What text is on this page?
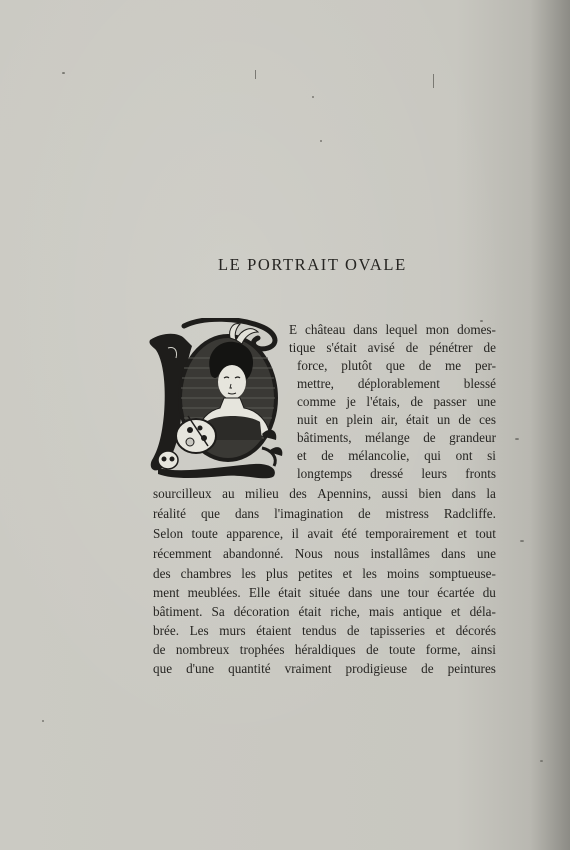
LE PORTRAIT OVALE
E château dans lequel mon domes-
tique s'était avisé de pénétrer de
force, plutôt que de me per-
mettre, déplorablement blessé
comme je l'étais, de passer une
nuit en plein air, était un de ces
bâtiments, mélange de grandeur
et de mélancolie, qui ont si
longtemps dressé leurs fronts
sourcilleux au milieu des Apennins, aussi bien dans la
réalité que dans l'imagination de mistress Radcliffe.
Selon toute apparence, il avait été temporairement et tout
récemment abandonné. Nous nous installâmes dans une
des chambres les plus petites et les moins somptueuse-
ment meublées. Elle était située dans une tour écartée du
bâtiment. Sa décoration était riche, mais antique et déla-
brée. Les murs étaient tendus de tapisseries et décorés
de nombreux trophées héraldiques de toute forme, ainsi
que d'une quantité vraiment prodigieuse de peintures
